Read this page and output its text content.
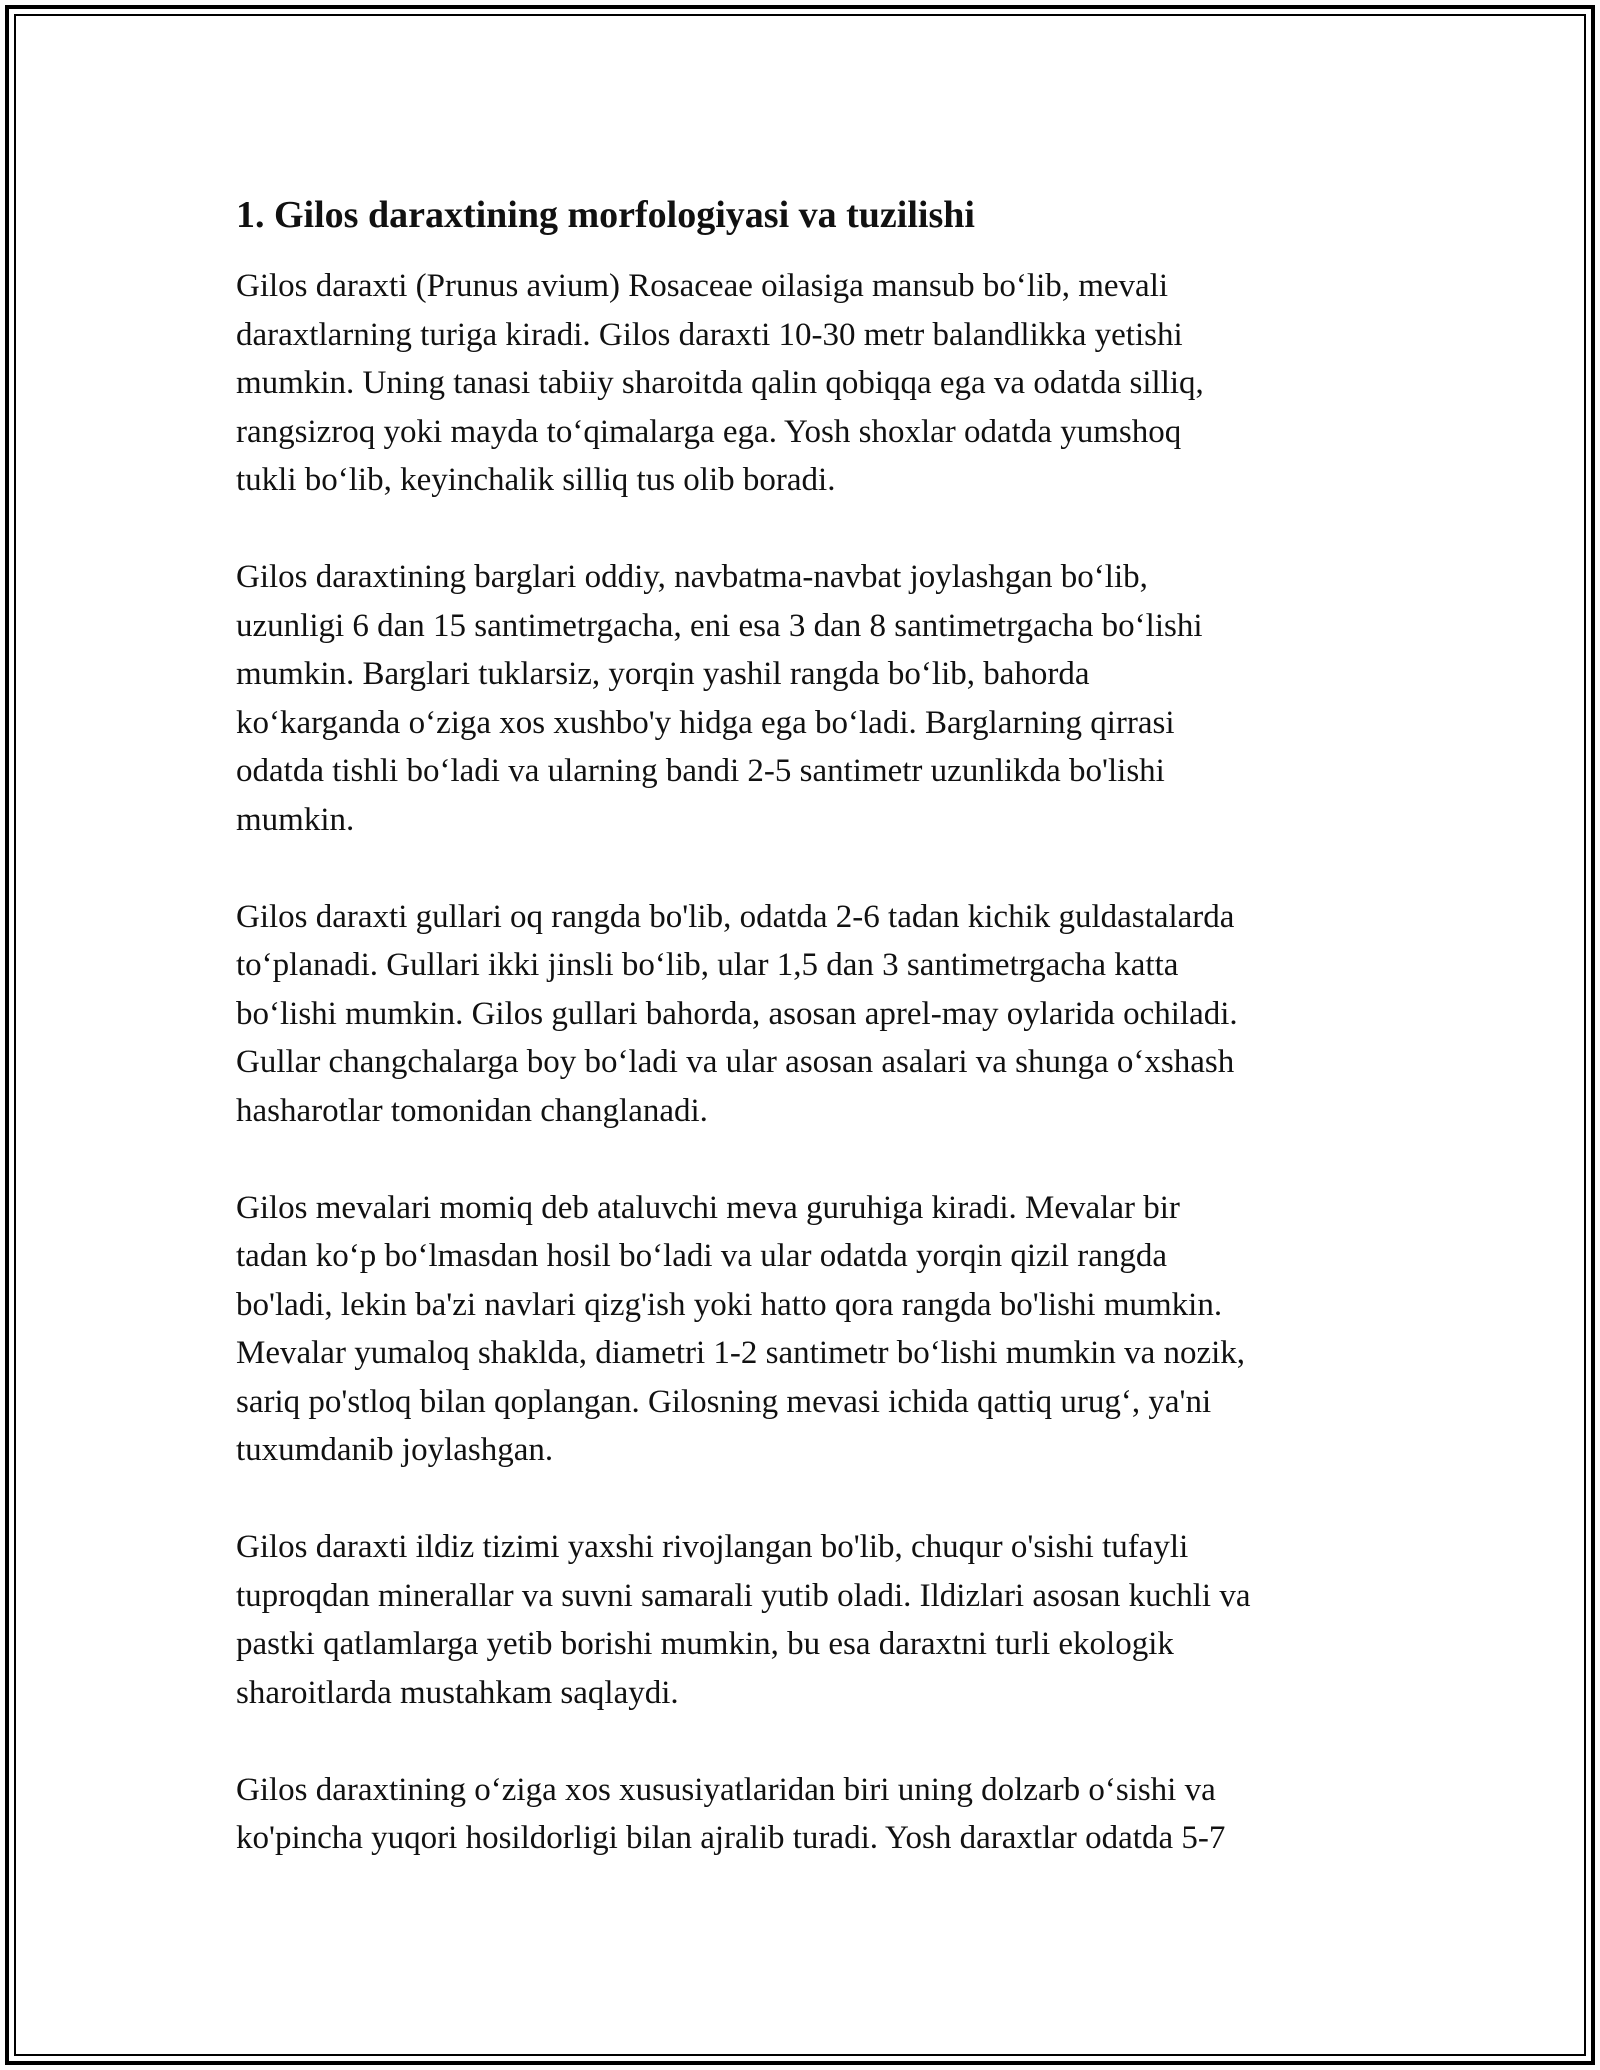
1. Gilos daraxtining morfologiyasi va tuzilishi

Gilos daraxti (Prunus avium) Rosaceae oilasiga mansub bo‘lib, mevali
daraxtlarning turiga kiradi. Gilos daraxti 10-30 metr balandlikka yetishi
mumkin. Uning tanasi tabiiy sharoitda qalin qobiqqa ega va odatda silliq,
rangsizroq yoki mayda to‘qimalarga ega. Yosh shoxlar odatda yumshoq
tukli bo‘lib, keyinchalik silliq tus olib boradi.

Gilos daraxtining barglari oddiy, navbatma-navbat joylashgan bo‘lib,
uzunligi 6 dan 15 santimetrgacha, eni esa 3 dan 8 santimetrgacha bo‘lishi
mumkin. Barglari tuklarsiz, yorqin yashil rangda bo‘lib, bahorda
ko‘karganda o‘ziga xos xushbo'y hidga ega bo‘ladi. Barglarning qirrasi
odatda tishli bo‘ladi va ularning bandi 2-5 santimetr uzunlikda bo'lishi
mumkin.

Gilos daraxti gullari oq rangda bo'lib, odatda 2-6 tadan kichik guldastalarda
to‘planadi. Gullari ikki jinsli bo‘lib, ular 1,5 dan 3 santimetrgacha katta
bo‘lishi mumkin. Gilos gullari bahorda, asosan aprel-may oylarida ochiladi.
Gullar changchalarga boy bo‘ladi va ular asosan asalari va shunga o‘xshash
hasharotlar tomonidan changlanadi.

Gilos mevalari momiq deb ataluvchi meva guruhiga kiradi. Mevalar bir
tadan ko‘p bo‘lmasdan hosil bo‘ladi va ular odatda yorqin qizil rangda
bo'ladi, lekin ba'zi navlari qizg'ish yoki hatto qora rangda bo'lishi mumkin.
Mevalar yumaloq shaklda, diametri 1-2 santimetr bo‘lishi mumkin va nozik,
sariq po'stloq bilan qoplangan. Gilosning mevasi ichida qattiq urug‘, ya'ni
tuxumdanib joylashgan.

Gilos daraxti ildiz tizimi yaxshi rivojlangan bo'lib, chuqur o'sishi tufayli
tuproqdan minerallar va suvni samarali yutib oladi. Ildizlari asosan kuchli va
pastki qatlamlarga yetib borishi mumkin, bu esa daraxtni turli ekologik
sharoitlarda mustahkam saqlaydi.

Gilos daraxtining o‘ziga xos xususiyatlaridan biri uning dolzarb o‘sishi va
ko'pincha yuqori hosildorligi bilan ajralib turadi. Yosh daraxtlar odatda 5-7
